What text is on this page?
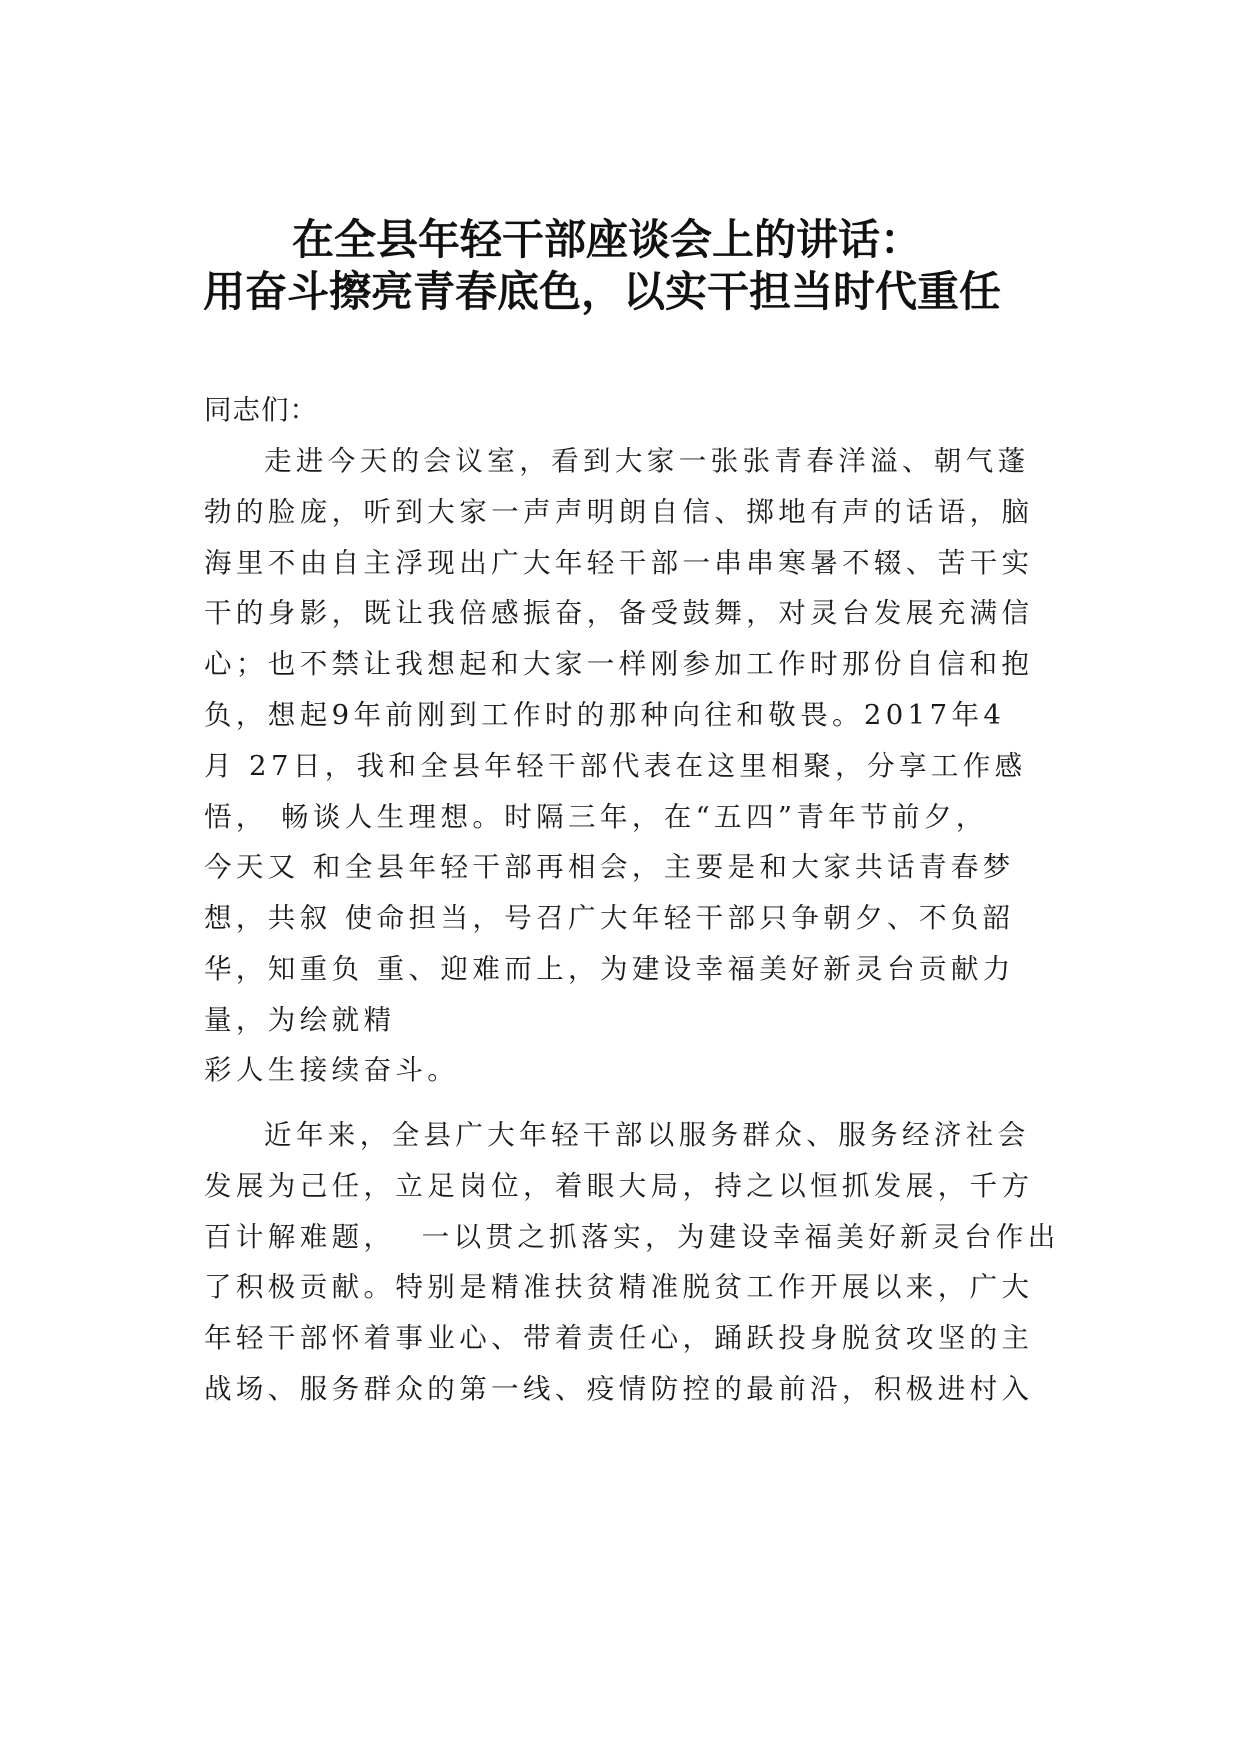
在全县年轻干部座谈会上的讲话：
用奋斗擦亮青春底色，以实干担当时代重任
同志们：
走进今天的会议室，看到大家一张张青春洋溢、朝气蓬
勃的脸庞，听到大家一声声明朗自信、掷地有声的话语，脑
海里不由自主浮现出广大年轻干部一串串寒暑不辍、苦干实
干的身影，既让我倍感振奋，备受鼓舞，对灵台发展充满信
心；也不禁让我想起和大家一样刚参加工作时那份自信和抱
负，想起9年前刚到工作时的那种向往和敬畏。2017年4
月 27日，我和全县年轻干部代表在这里相聚，分享工作感
悟， 畅谈人生理想。时隔三年，在“五四”青年节前夕，
今天又 和全县年轻干部再相会，主要是和大家共话青春梦
想，共叙 使命担当，号召广大年轻干部只争朝夕、不负韶
华，知重负 重、迎难而上，为建设幸福美好新灵台贡献力
量，为绘就精
彩人生接续奋斗。
近年来，全县广大年轻干部以服务群众、服务经济社会
发展为己任，立足岗位，着眼大局，持之以恒抓发展，千方
百计解难题，  一以贯之抓落实，为建设幸福美好新灵台作出
了积极贡献。特别是精准扶贫精准脱贫工作开展以来，广大
年轻干部怀着事业心、带着责任心，踊跃投身脱贫攻坚的主
战场、服务群众的第一线、疫情防控的最前沿，积极进村入
